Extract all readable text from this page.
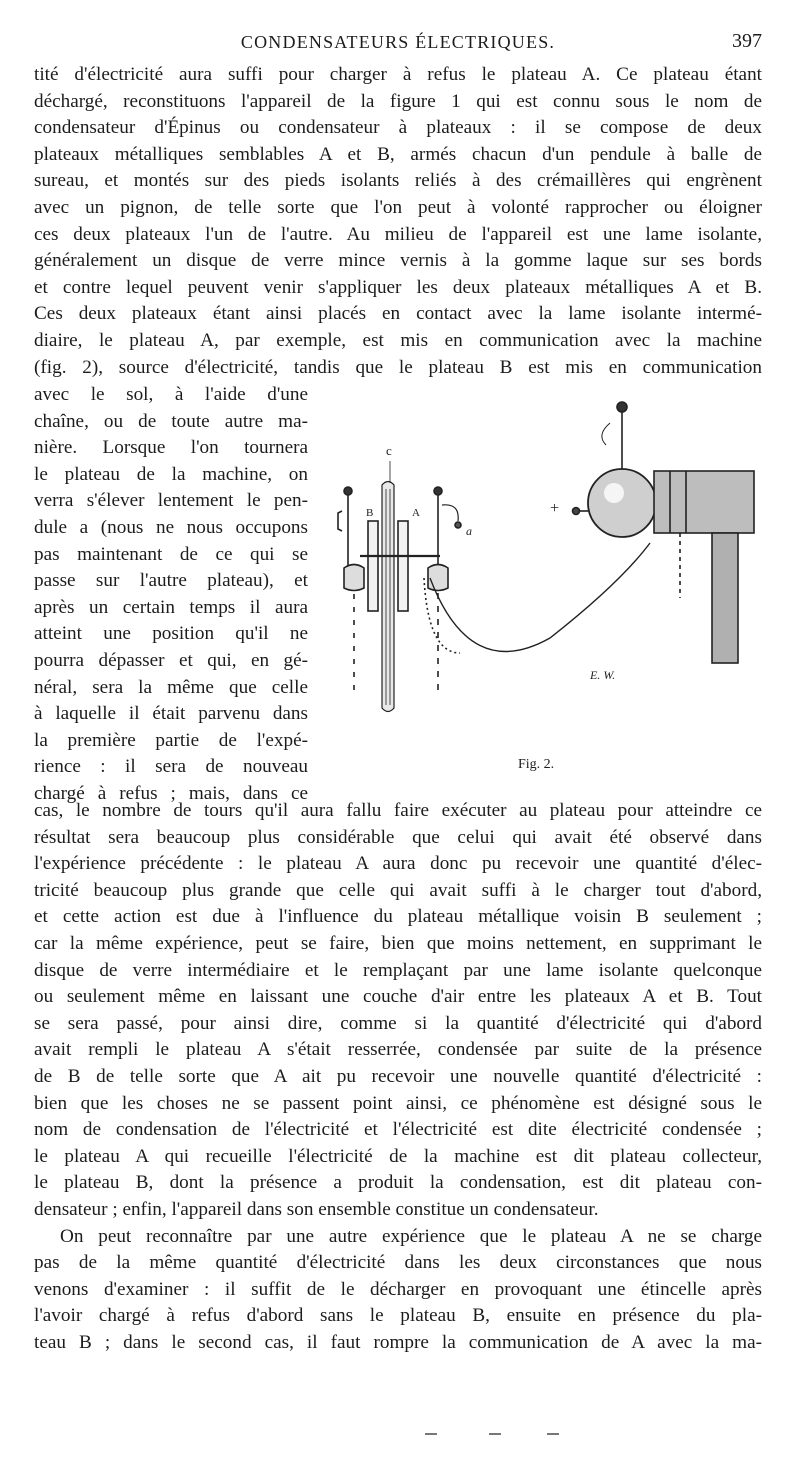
CONDENSATEURS ÉLECTRIQUES.	397
tité d'électricité aura suffi pour charger à refus le plateau A. Ce plateau étant
déchargé, reconstituons l'appareil de la figure 1 qui est connu sous le nom de
condensateur d'Épinus ou condensateur à plateaux : il se compose de deux
plateaux métalliques semblables A et B, armés chacun d'un pendule à balle de
sureau, et montés sur des pieds isolants reliés à des crémaillères qui engrènent
avec un pignon, de telle sorte que l'on peut à volonté rapprocher ou éloigner
ces deux plateaux l'un de l'autre. Au milieu de l'appareil est une lame isolante,
généralement un disque de verre mince vernis à la gomme laque sur ses bords
et contre lequel peuvent venir s'appliquer les deux plateaux métalliques A et B.
Ces deux plateaux étant ainsi placés en contact avec la lame isolante intermé-
diaire, le plateau A, par exemple, est mis en communication avec la machine
(fig. 2), source d'électricité, tandis que le plateau B est mis en communication
avec le sol, à l'aide d'une
chaîne, ou de toute autre ma-
nière. Lorsque l'on tournera
le plateau de la machine, on
verra s'élever lentement le pen-
dule a (nous ne nous occupons
pas maintenant de ce qui se
passe sur l'autre plateau), et
après un certain temps il aura
atteint une position qu'il ne
pourra dépasser et qui, en gé-
néral, sera la même que celle
à laquelle il était parvenu dans
la première partie de l'expé-
rience : il sera de nouveau
chargé à refus ; mais, dans ce
c
B	A
a
+
E. W.
Fig. 2.
cas, le nombre de tours qu'il aura fallu faire exécuter au plateau pour atteindre ce
résultat sera beaucoup plus considérable que celui qui avait été observé dans
l'expérience précédente : le plateau A aura donc pu recevoir une quantité d'élec-
tricité beaucoup plus grande que celle qui avait suffi à le charger tout d'abord,
et cette action est due à l'influence du plateau métallique voisin B seulement ;
car la même expérience, peut se faire, bien que moins nettement, en supprimant le
disque de verre intermédiaire et le remplaçant par une lame isolante quelconque
ou seulement même en laissant une couche d'air entre les plateaux A et B. Tout
se sera passé, pour ainsi dire, comme si la quantité d'électricité qui d'abord
avait rempli le plateau A s'était resserrée, condensée par suite de la présence
de B de telle sorte que A ait pu recevoir une nouvelle quantité d'électricité :
bien que les choses ne se passent point ainsi, ce phénomène est désigné sous le
nom de condensation de l'électricité et l'électricité est dite électricité condensée ;
le plateau A qui recueille l'électricité de la machine est dit plateau collecteur,
le plateau B, dont la présence a produit la condensation, est dit plateau con-
densateur ; enfin, l'appareil dans son ensemble constitue un condensateur.
On peut reconnaître par une autre expérience que le plateau A ne se charge
pas de la même quantité d'électricité dans les deux circonstances que nous
venons d'examiner : il suffit de le décharger en provoquant une étincelle après
l'avoir chargé à refus d'abord sans le plateau B, ensuite en présence du pla-
teau B ; dans le second cas, il faut rompre la communication de A avec la ma-
